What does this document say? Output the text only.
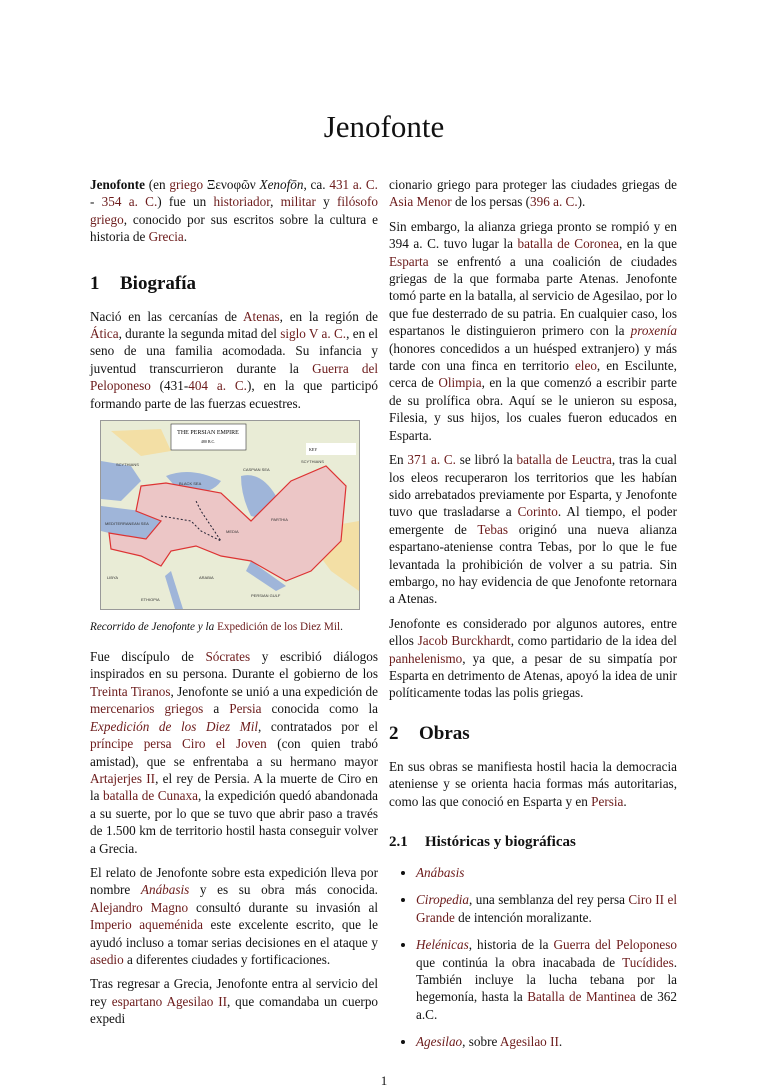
Jenofonte

Jenofonte (en griego Ξενοφῶν Xenofōn, ca. 431 a. C. - 354 a. C.) fue un historiador, militar y filósofo griego, conocido por sus escritos sobre la cultura e historia de Grecia.

1 Biografía

Nació en las cercanías de Atenas, en la región de Ática, durante la segunda mitad del siglo V a. C., en el seno de una familia acomodada. Su infancia y juventud transcurrieron durante la Guerra del Peloponeso (431-404 a. C.), en la que participó formando parte de las fuerzas ecuestres.

THE PERSIAN EMPIRE
480 B.C.
KEY
SCYTHIANS
BLACK SEA
CASPIAN SEA
MEDITERRANEAN SEA
MEDIA
PARTHIA
ARABIA
LIBYA
ETHIOPIA
PERSIAN GULF
SCYTHIANS

Recorrido de Jenofonte y la Expedición de los Diez Mil.

Fue discípulo de Sócrates y escribió diálogos inspirados en su persona. Durante el gobierno de los Treinta Tiranos, Jenofonte se unió a una expedición de mercenarios griegos a Persia conocida como la Expedición de los Diez Mil, contratados por el príncipe persa Ciro el Joven (con quien trabó amistad), que se enfrentaba a su hermano mayor Artajerjes II, el rey de Persia. A la muerte de Ciro en la batalla de Cunaxa, la expedición quedó abandonada a su suerte, por lo que se tuvo que abrir paso a través de 1.500 km de territorio hostil hasta conseguir volver a Grecia.

El relato de Jenofonte sobre esta expedición lleva por nombre Anábasis y es su obra más conocida. Alejandro Magno consultó durante su invasión al Imperio aqueménida este excelente escrito, que le ayudó incluso a tomar serias decisiones en el ataque y asedio a diferentes ciudades y fortificaciones.

Tras regresar a Grecia, Jenofonte entra al servicio del rey espartano Agesilao II, que comandaba un cuerpo expedi

cionario griego para proteger las ciudades griegas de Asia Menor de los persas (396 a. C.).

Sin embargo, la alianza griega pronto se rompió y en 394 a. C. tuvo lugar la batalla de Coronea, en la que Esparta se enfrentó a una coalición de ciudades griegas de la que formaba parte Atenas. Jenofonte tomó parte en la batalla, al servicio de Agesilao, por lo que fue desterrado de su patria. En cualquier caso, los espartanos le distinguieron primero con la proxenía (honores concedidos a un huésped extranjero) y más tarde con una finca en territorio eleo, en Escilunte, cerca de Olimpia, en la que comenzó a escribir parte de su prolífica obra. Aquí se le unieron su esposa, Filesia, y sus hijos, los cuales fueron educados en Esparta.

En 371 a. C. se libró la batalla de Leuctra, tras la cual los eleos recuperaron los territorios que les habían sido arrebatados previamente por Esparta, y Jenofonte tuvo que trasladarse a Corinto. Al tiempo, el poder emergente de Tebas originó una nueva alianza espartano-ateniense contra Tebas, por lo que le fue levantada la prohibición de volver a su patria. Sin embargo, no hay evidencia de que Jenofonte retornara a Atenas.

Jenofonte es considerado por algunos autores, entre ellos Jacob Burckhardt, como partidario de la idea del panhelenismo, ya que, a pesar de su simpatía por Esparta en detrimento de Atenas, apoyó la idea de unir políticamente todas las polis griegas.

2 Obras

En sus obras se manifiesta hostil hacia la democracia ateniense y se orienta hacia formas más autoritarias, como las que conoció en Esparta y en Persia.

2.1 Históricas y biográficas
Anábasis
Ciropedia, una semblanza del rey persa Ciro II el Grande de intención moralizante.
Helénicas, historia de la Guerra del Peloponeso que continúa la obra inacabada de Tucídides. También incluye la lucha tebana por la hegemonía, hasta la Batalla de Mantinea de 362 a.C.
Agesilao, sobre Agesilao II.
1
